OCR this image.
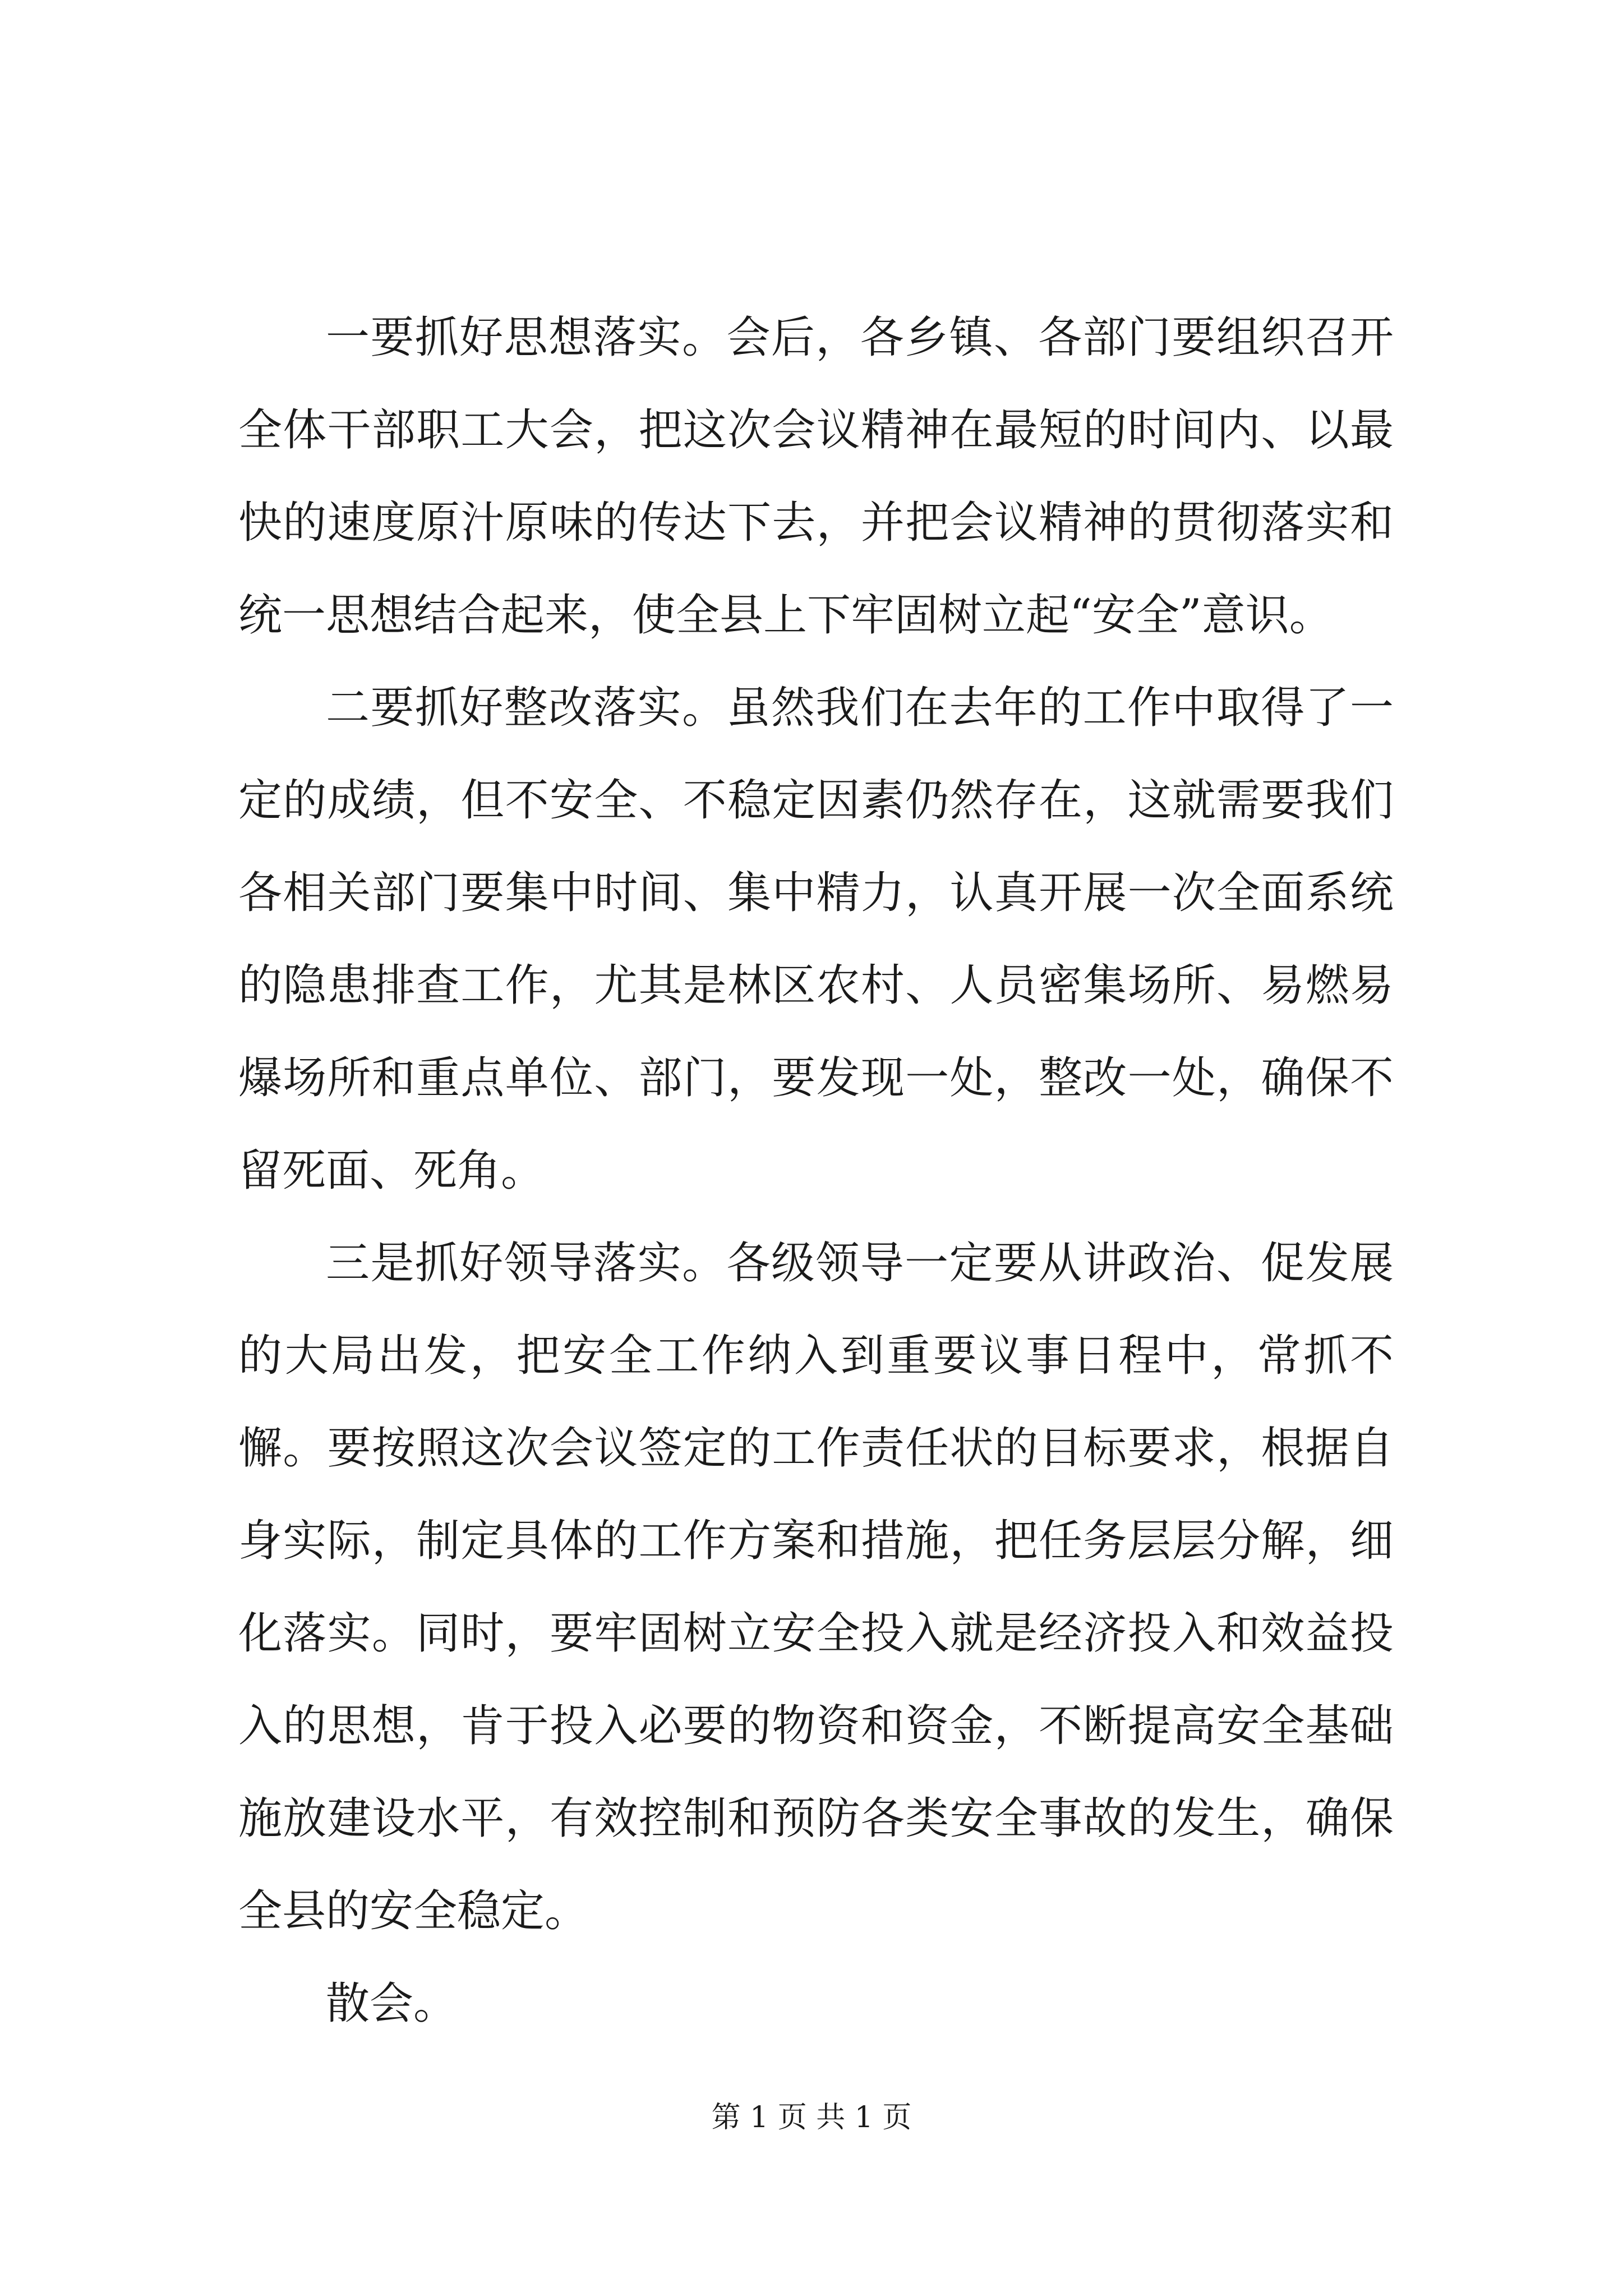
一要抓好思想落实。会后，各乡镇、各部门要组织召开全体干部职工大会，把这次会议精神在最短的时间内、以最快的速度原汁原味的传达下去，并把会议精神的贯彻落实和统一思想结合起来，使全县上下牢固树立起“安全”意识。

二要抓好整改落实。虽然我们在去年的工作中取得了一定的成绩，但不安全、不稳定因素仍然存在，这就需要我们各相关部门要集中时间、集中精力，认真开展一次全面系统的隐患排查工作，尤其是林区农村、人员密集场所、易燃易爆场所和重点单位、部门，要发现一处，整改一处，确保不留死面、死角。

三是抓好领导落实。各级领导一定要从讲政治、促发展的大局出发，把安全工作纳入到重要议事日程中，常抓不懈。要按照这次会议签定的工作责任状的目标要求，根据自身实际，制定具体的工作方案和措施，把任务层层分解，细化落实。同时，要牢固树立安全投入就是经济投入和效益投入的思想，肯于投入必要的物资和资金，不断提高安全基础施放建设水平，有效控制和预防各类安全事故的发生，确保全县的安全稳定。

散会。

第 1 页 共 1 页
